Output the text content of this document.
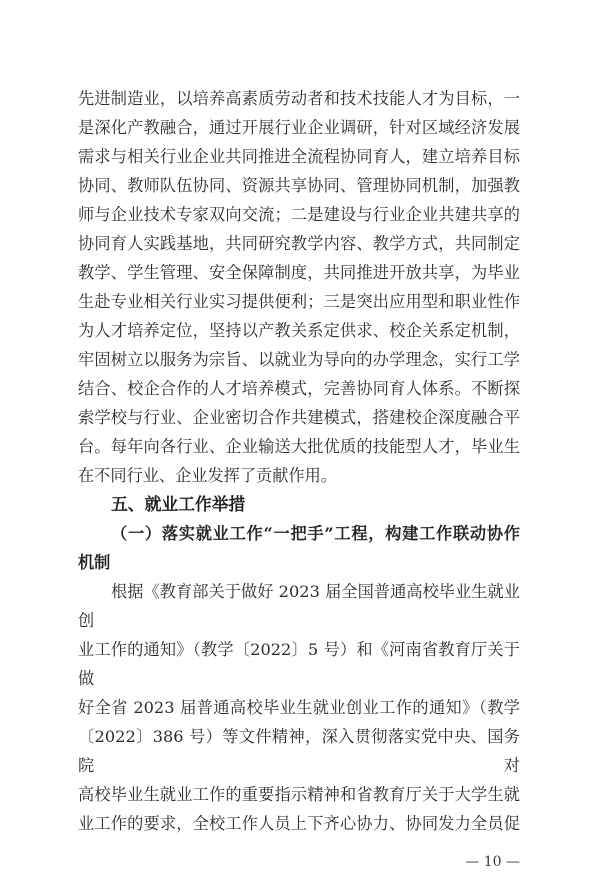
先进制造业，以培养高素质劳动者和技术技能人才为目标，一
是深化产教融合，通过开展行业企业调研，针对区域经济发展
需求与相关行业企业共同推进全流程协同育人，建立培养目标
协同、教师队伍协同、资源共享协同、管理协同机制，加强教
师与企业技术专家双向交流；二是建设与行业企业共建共享的
协同育人实践基地，共同研究教学内容、教学方式，共同制定
教学、学生管理、安全保障制度，共同推进开放共享，为毕业
生赴专业相关行业实习提供便利；三是突出应用型和职业性作
为人才培养定位，坚持以产教关系定供求、校企关系定机制，
牢固树立以服务为宗旨、以就业为导向的办学理念，实行工学
结合、校企合作的人才培养模式，完善协同育人体系。不断探
索学校与行业、企业密切合作共建模式，搭建校企深度融合平
台。每年向各行业、企业输送大批优质的技能型人才，毕业生
在不同行业、企业发挥了贡献作用。
五、就业工作举措
（一）落实就业工作“一把手”工程，构建工作联动协作
机制
根据《教育部关于做好 2023 届全国普通高校毕业生就业创
业工作的通知》（教学〔2022〕5 号）和《河南省教育厅关于做
好全省 2023 届普通高校毕业生就业创业工作的通知》（教学
〔2022〕386 号）等文件精神，深入贯彻落实党中央、国务院对
高校毕业生就业工作的重要指示精神和省教育厅关于大学生就
业工作的要求，全校工作人员上下齐心协力、协同发力全员促
— 10 —
